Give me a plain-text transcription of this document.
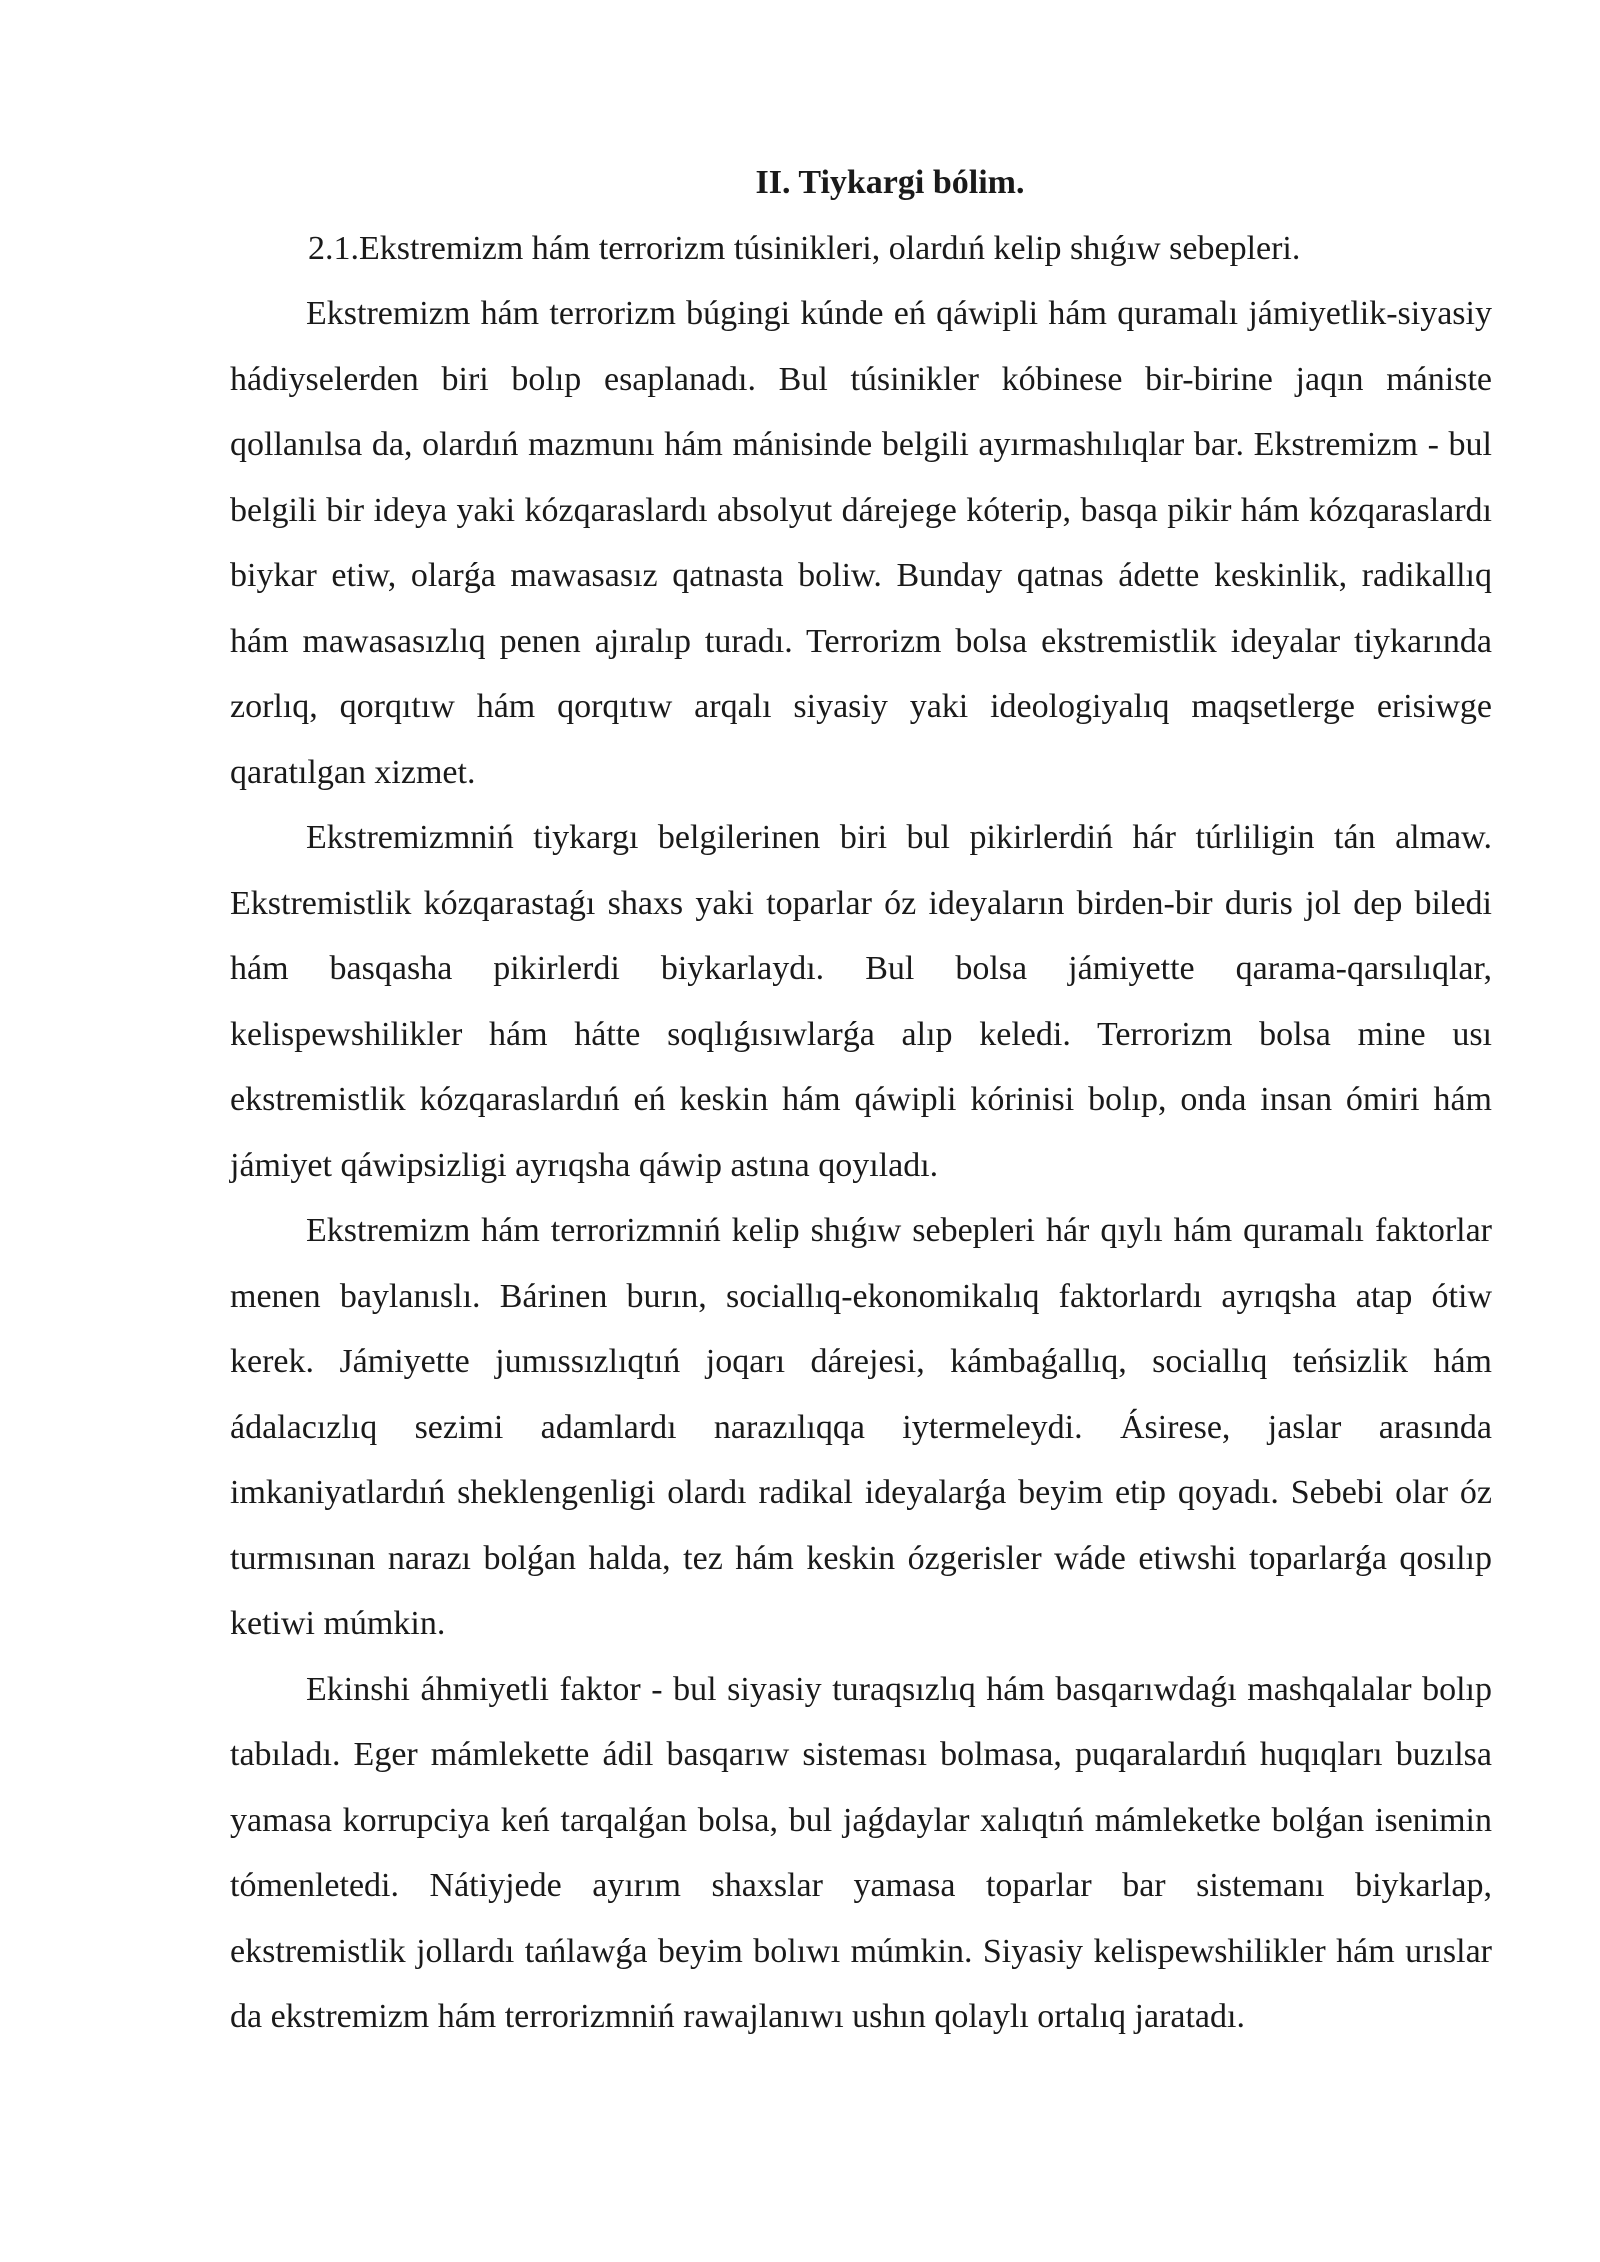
II. Tiykargi bólim.

2.1.Ekstremizm hám terrorizm túsinikleri, olardıń kelip shıǵıw sebepleri.

Ekstremizm hám terrorizm búgingi kúnde eń qáwipli hám quramalı jámiyetlik-siyasiy hádiyselerden biri bolıp esaplanadı. Bul túsinikler kóbinese bir-birine jaqın mániste qollanılsa da, olardıń mazmunı hám mánisinde belgili ayırmashılıqlar bar. Ekstremizm - bul belgili bir ideya yaki kózqaraslardı absolyut dárejege kóterip, basqa pikir hám kózqaraslardı biykar etiw, olarǵa mawasasız qatnasta boliw. Bunday qatnas ádette keskinlik, radikallıq hám mawasasızlıq penen ajıralıp turadı. Terrorizm bolsa ekstremistlik ideyalar tiykarında zorlıq, qorqıtıw hám qorqıtıw arqalı siyasiy yaki ideologiyalıq maqsetlerge erisiwge qaratılgan xizmet.

Ekstremizmniń tiykargı belgilerinen biri bul pikirlerdiń hár túrliligin tán almaw. Ekstremistlik kózqarastaǵı shaxs yaki toparlar óz ideyaların birden-bir duris jol dep biledi hám basqasha pikirlerdi biykarlaydı. Bul bolsa jámiyette qarama-qarsılıqlar, kelispewshilikler hám hátte soqlıǵısıwlarǵa alıp keledi. Terrorizm bolsa mine usı ekstremistlik kózqaraslardıń eń keskin hám qáwipli kórinisi bolıp, onda insan ómiri hám jámiyet qáwipsizligi ayrıqsha qáwip astına qoyıladı.

Ekstremizm hám terrorizmniń kelip shıǵıw sebepleri hár qıylı hám quramalı faktorlar menen baylanıslı. Bárinen burın, sociallıq-ekonomikalıq faktorlardı ayrıqsha atap ótiw kerek. Jámiyette jumıssızlıqtıń joqarı dárejesi, kámbaǵallıq, sociallıq teńsizlik hám ádalacızlıq sezimi adamlardı narazılıqqa iytermeleydi. Ásirese, jaslar arasında imkaniyatlardıń sheklengenligi olardı radikal ideyalarǵa beyim etip qoyadı. Sebebi olar óz turmısınan narazı bolǵan halda, tez hám keskin ózgerisler wáde etiwshi toparlarǵa qosılıp ketiwi múmkin.

Ekinshi áhmiyetli faktor - bul siyasiy turaqsızlıq hám basqarıwdaǵı mashqalalar bolıp tabıladı. Eger mámlekette ádil basqarıw sisteması bolmasa, puqaralardıń huqıqları buzılsa yamasa korrupciya keń tarqalǵan bolsa, bul jaǵdaylar xalıqtıń mámleketke bolǵan isenimin tómenletedi. Nátiyjede ayırım shaxslar yamasa toparlar bar sistemanı biykarlap, ekstremistlik jollardı tańlawǵa beyim bolıwı múmkin. Siyasiy kelispewshilikler hám urıslar da ekstremizm hám terrorizmniń rawajlanıwı ushın qolaylı ortalıq jaratadı.
